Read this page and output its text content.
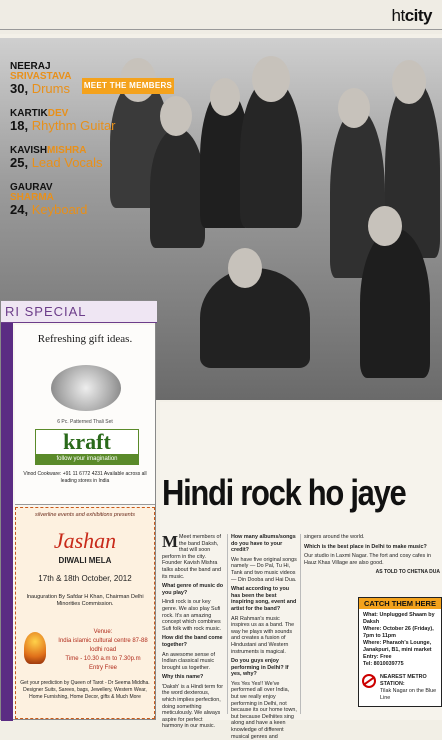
htcity
MEET THE MEMBERS
NEERAJ
SRIVASTAVA
30, Drums
KARTIKDEV
18, Rhythm Guitar
KAVISHMISHRA
25, Lead Vocals
GAURAV
SHARMA
24, Keyboard
RI SPECIAL
Refreshing gift ideas.
6 Pc. Patterned Thali Set
kraft
follow your imagination
Vinod Cookware: +91 11 6772 4231 Available across all leading stores in India
silverline events and exhibitions presents
Jashan
DIWALI MELA
17th & 18th October, 2012
Inauguration By Safdar H Khan, Chairman Delhi Minorities Commission.
Venue:
India islamic cultural centre 87-88 lodhi road
Time - 10.30 a.m to 7.30p.m
Entry Free
Get your prediction by Queen of Tarot - Dr Seema Middha. Designer Suits, Sarees, bags, Jewellery, Western Wear, Home Furnishing, Home Decor, gifts & Much More
Hindi rock ho jaye

M Meet members of the band Daksh, that will soon perform in the city. Founder Kavish Mishra talks about the band and its music.

What genre of music do you play?

Hindi rock is our key genre. We also play Sufi rock. It's an amazing concept which combines Sufi folk with rock music.

How did the band come together?

An awesome sense of Indian classical music brought us together.

Why this name?

'Daksh' is a Hindi term for the word dexterous, which implies perfection, doing something meticulously. We always aspire for perfect harmony in our music.

How many albums/songs do you have to your credit?

We have five original songs namely — Do Pal, Tu Hi, Tank and two music videos — Din Dooba and Hai Dua.

What according to you has been the best inspiring song, event and artist for the band?

AR Rahman's music inspires us as a band. The way he plays with sounds and creates a fusion of Hindustani and Western instruments is magical.

Do you guys enjoy performing in Delhi? If yes, why?

Yes Yes Yes!! We've performed all over India, but we really enjoy performing in Delhi, not because its our home town, but because Delhiites sing along and have a keen knowledge of different musical genres and

singers around the world.

Which is the best place in Delhi to make music?

Our studio in Laxmi Nagar. The fort and cosy cafes in Hauz Khas Village are also good.

AS TOLD TO CHETNA DUA
CATCH THEM HERE
What: Unplugged Shaam by Daksh
Where: October 26 (Friday), 7pm to 11pm
Where: Pharaoh's Lounge, Janakpuri, B1, mini market
Entry: Free
Tel: 8010039775
NEAREST METRO STATION:
Tilak Nagar on the Blue Line
